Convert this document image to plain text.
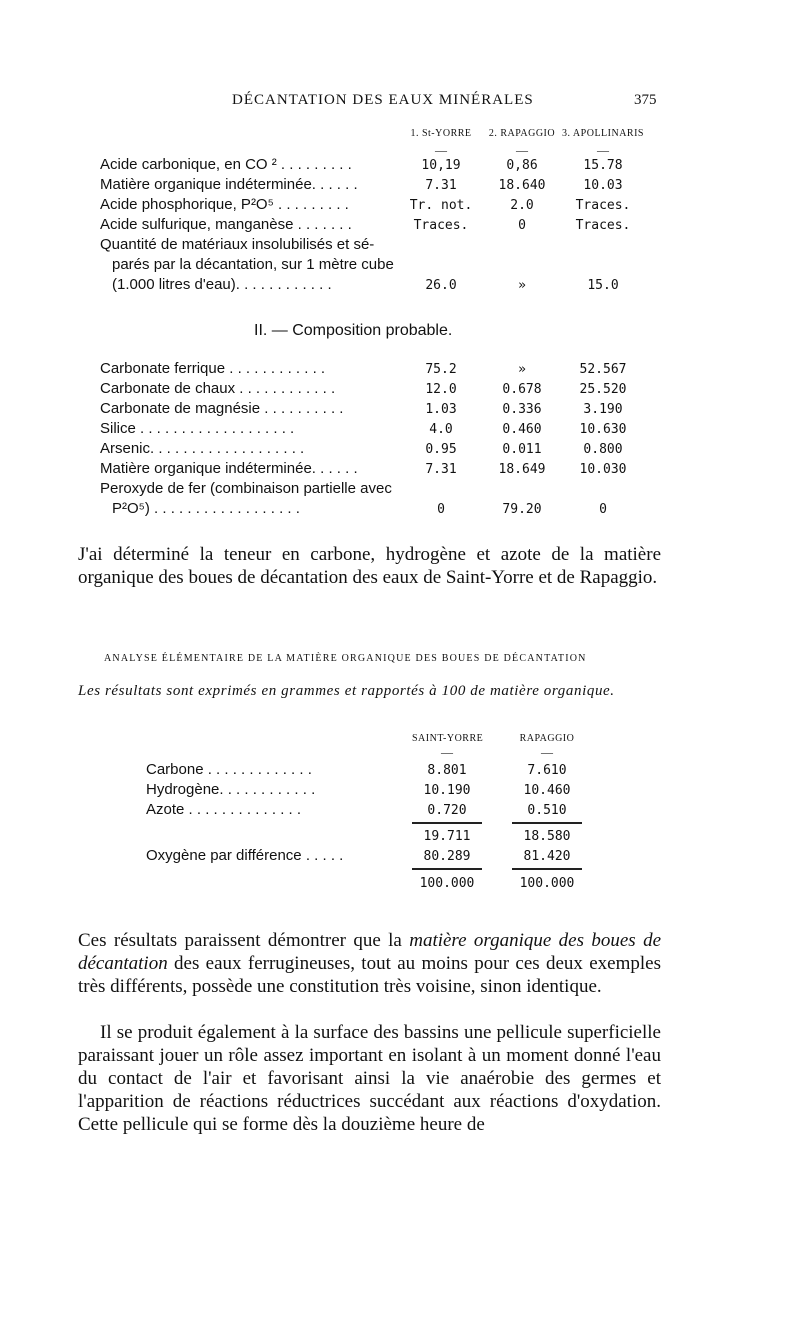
DÉCANTATION DES EAUX MINÉRALES	375
1. St-YORRE	2. RAPAGGIO 3. APOLLINARIS
—	—	—
Acide carbonique, en CO ² . . . . . . . . .	10,19	0,86	15.78
Matière organique indéterminée. . . . . .	7.31	18.640	10.03
Acide phosphorique, P²O⁵ . . . . . . . . .	Tr. not.	2.0	Traces.
Acide sulfurique, manganèse . . . . . . .	Traces.	0	Traces.
Quantité de matériaux insolubilisés et sé-
parés par la décantation, sur 1 mètre cube
(1.000 litres d'eau). . . . . . . . . . . .	26.0	»	15.0
II. — Composition probable.
Carbonate ferrique . . . . . . . . . . . .	75.2	»	52.567
Carbonate de chaux . . . . . . . . . . . .	12.0	0.678	25.520
Carbonate de magnésie . . . . . . . . . .	1.03	0.336	3.190
Silice . . . . . . . . . . . . . . . . . . .	4.0	0.460	10.630
Arsenic. . . . . . . . . . . . . . . . . . .	0.95	0.011	0.800
Matière organique indéterminée. . . . . .	7.31	18.649	10.030
Peroxyde de fer (combinaison partielle avec
P²O⁵) . . . . . . . . . . . . . . . . . .	0	79.20	0
J'ai déterminé la teneur en carbone, hydrogène et azote de la matière organique des boues de décantation des eaux de Saint-Yorre et de Rapaggio.
ANALYSE ÉLÉMENTAIRE DE LA MATIÈRE ORGANIQUE DES BOUES DE DÉCANTATION
Les résultats sont exprimés en grammes et rapportés à 100 de matière organique.
SAINT-YORRE	RAPAGGIO
—	—
Carbone . . . . . . . . . . . . .	8.801	7.610
Hydrogène. . . . . . . . . . . .	10.190	10.460
Azote . . . . . . . . . . . . . .	0.720	0.510
19.711	18.580
Oxygène par différence . . . . .	80.289	81.420
100.000	100.000
Ces résultats paraissent démontrer que la matière organique des boues de décantation des eaux ferrugineuses, tout au moins pour ces deux exemples très différents, possède une constitution très voisine, sinon identique.
Il se produit également à la surface des bassins une pellicule superficielle paraissant jouer un rôle assez important en isolant à un moment donné l'eau du contact de l'air et favorisant ainsi la vie anaérobie des germes et l'apparition de réactions réductrices succédant aux réactions d'oxydation. Cette pellicule qui se forme dès la douzième heure de
